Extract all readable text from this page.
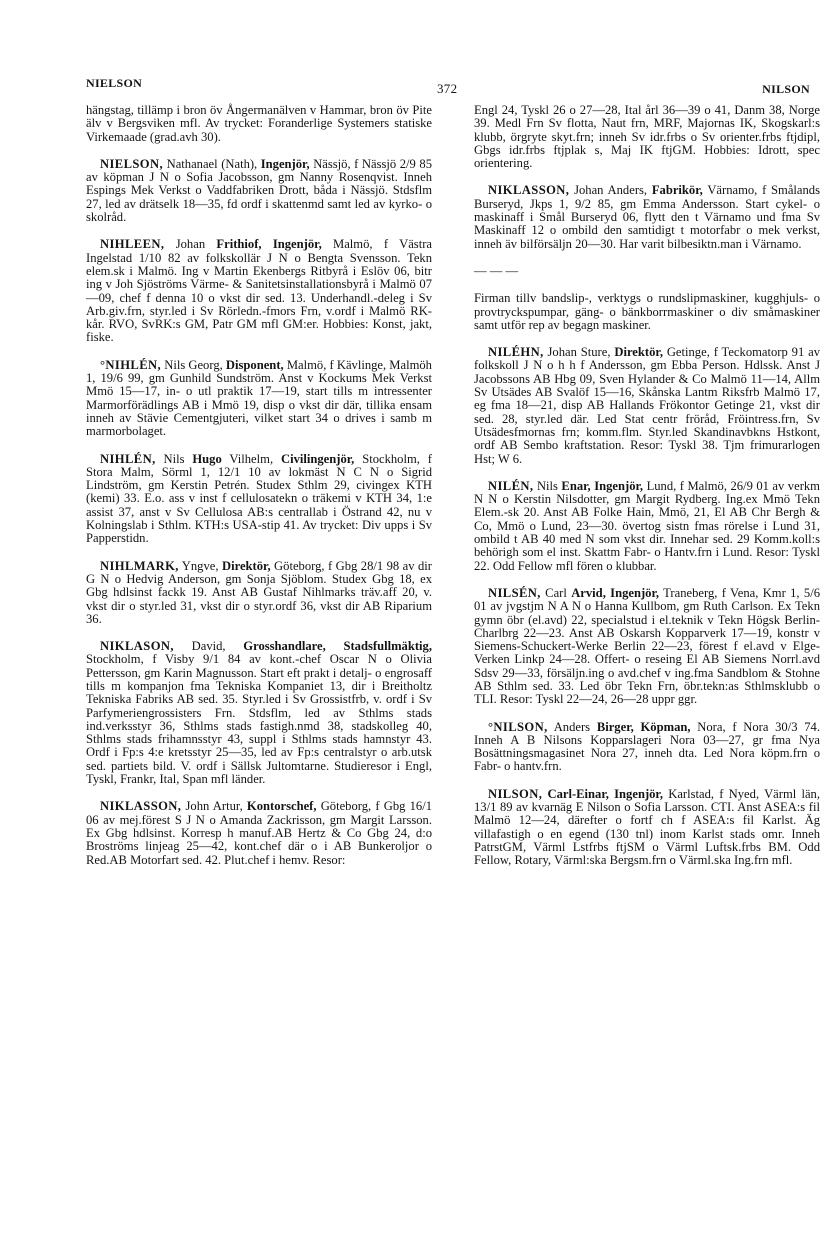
NIELSON	372	NILSON

hängstag, tillämp i bron öv Ångermanälven v Hammar, bron öv Pite älv v Bergsviken mfl. Av trycket: Foranderlige Systemers statiske Virkemaade (grad.avh 30).

NIELSON, Nathanael (Nath), Ingenjör, Nässjö, f Nässjö 2/9 85 av köpman J N o Sofia Jacobsson, gm Nanny Rosenqvist. Inneh Espings Mek Verkst o Vaddfabriken Drott, båda i Nässjö. Stdsflm 27, led av drätselk 18—35, fd ordf i skattenmd samt led av kyrko- o skolråd.

NIHLEEN, Johan Frithiof, Ingenjör, Malmö, f Västra Ingelstad 1/10 82 av folkskollär J N o Bengta Svensson. Tekn elem.sk i Malmö. Ing v Martin Ekenbergs Ritbyrå i Eslöv 06, bitr ing v Joh Sjöströms Värme- & Sanitetsinstallationsbyrå i Malmö 07—09, chef f denna 10 o vkst dir sed. 13. Underhandl.-deleg i Sv Arb.giv.frn, styr.led i Sv Rörledn.-fmors Frn, v.ordf i Malmö RK-kår. RVO, SvRK:s GM, Patr GM mfl GM:er. Hobbies: Konst, jakt, fiske.

°NIHLÉN, Nils Georg, Disponent, Malmö, f Kävlinge, Malmöh 1, 19/6 99, gm Gunhild Sundström. Anst v Kockums Mek Verkst Mmö 15—17, in- o utl praktik 17—19, start tills m intressenter Marmorförädlings AB i Mmö 19, disp o vkst dir där, tillika ensam inneh av Stävie Cementgjuteri, vilket start 34 o drives i samb m marmorbolaget.

NIHLÉN, Nils Hugo Vilhelm, Civilingenjör, Stockholm, f Stora Malm, Sörml 1, 12/1 10 av lokmäst N C N o Sigrid Lindström, gm Kerstin Petrén. Studex Sthlm 29, civingex KTH (kemi) 33. E.o. ass v inst f cellulosatekn o träkemi v KTH 34, 1:e assist 37, anst v Sv Cellulosa AB:s centrallab i Östrand 42, nu v Kolningslab i Sthlm. KTH:s USA-stip 41. Av trycket: Div upps i Sv Papperstidn.

NIHLMARK, Yngve, Direktör, Göteborg, f Gbg 28/1 98 av dir G N o Hedvig Anderson, gm Sonja Sjöblom. Studex Gbg 18, ex Gbg hdlsinst fackk 19. Anst AB Gustaf Nihlmarks träv.aff 20, v. vkst dir o styr.led 31, vkst dir o styr.ordf 36, vkst dir AB Riparium 36.

NIKLASON, David, Grosshandlare, Stadsfullmäktig, Stockholm, f Visby 9/1 84 av kont.-chef Oscar N o Olivia Pettersson, gm Karin Magnusson. Start eft prakt i detalj- o engrosaff tills m kompanjon fma Tekniska Kompaniet 13, dir i Breitholtz Tekniska Fabriks AB sed. 35. Styr.led i Sv Grossistfrb, v. ordf i Sv Parfymeriengrossisters Frn. Stdsflm, led av Sthlms stads ind.verksstyr 36, Sthlms stads fastigh.nmd 38, stadskolleg 40, Sthlms stads frihamnsstyr 43, suppl i Sthlms stads hamnstyr 43. Ordf i Fp:s 4:e kretsstyr 25—35, led av Fp:s centralstyr o arb.utsk sed. partiets bild. V. ordf i Sällsk Jultomtarne. Studieresor i Engl, Tyskl, Frankr, Ital, Span mfl länder.

NIKLASSON, John Artur, Kontorschef, Göteborg, f Gbg 16/1 06 av mej.förest S J N o Amanda Zackrisson, gm Margit Larsson. Ex Gbg hdlsinst. Korresp h manuf.AB Hertz & Co Gbg 24, d:o Broströms linjeag 25—42, kont.chef där o i AB Bunkeroljor o Red.AB Motorfart sed. 42. Plut.chef i hemv. Resor:

Engl 24, Tyskl 26 o 27—28, Ital årl 36—39 o 41, Danm 38, Norge 39. Medl Frn Sv flotta, Naut frn, MRF, Majornas IK, Skogskarl:s klubb, örgryte skyt.frn; inneh Sv idr.frbs o Sv orienter.frbs ftjdipl, Gbgs idr.frbs ftjplak s, Maj IK ftjGM. Hobbies: Idrott, spec orientering.

NIKLASSON, Johan Anders, Fabrikör, Värnamo, f Smålands Burseryd, Jkps 1, 9/2 85, gm Emma Andersson. Start cykel- o maskinaff i Smål Burseryd 06, flytt den t Värnamo und fma Sv Maskinaff 12 o ombild den samtidigt t motorfabr o mek verkst, inneh äv bilförsäljn 20—30. Har varit bilbesiktn.man i Värnamo.

— — —

Firman tillv bandslip-, verktygs o rundslipmaskiner, kugghjuls- o provtryckspumpar, gäng- o bänkborrmaskiner o div småmaskiner samt utför rep av begagn maskiner.

NILÉHN, Johan Sture, Direktör, Getinge, f Teckomatorp 91 av folkskoll J N o h h f Andersson, gm Ebba Person. Hdlssk. Anst J Jacobssons AB Hbg 09, Sven Hylander & Co Malmö 11—14, Allm Sv Utsädes AB Svalöf 15—16, Skånska Lantm Riksfrb Malmö 17, eg fma 18—21, disp AB Hallands Frökontor Getinge 21, vkst dir sed. 28, styr.led där. Led Stat centr fröråd, Fröintress.frn, Sv Utsädesfmornas frn; komm.flm. Styr.led Skandinavbkns Hstkont, ordf AB Sembo kraftstation. Resor: Tyskl 38. Tjm frimurarlogen Hst; W 6.

NILÉN, Nils Enar, Ingenjör, Lund, f Malmö, 26/9 01 av verkm N N o Kerstin Nilsdotter, gm Margit Rydberg. Ing.ex Mmö Tekn Elem.-sk 20. Anst AB Folke Hain, Mmö, 21, El AB Chr Bergh & Co, Mmö o Lund, 23—30. övertog sistn fmas rörelse i Lund 31, ombild t AB 40 med N som vkst dir. Innehar sed. 29 Komm.koll:s behörigh som el inst. Skattm Fabr- o Hantv.frn i Lund. Resor: Tyskl 22. Odd Fellow mfl fören o klubbar.

NILSÉN, Carl Arvid, Ingenjör, Traneberg, f Vena, Kmr 1, 5/6 01 av jvgstjm N A N o Hanna Kullbom, gm Ruth Carlson. Ex Tekn gymn öbr (el.avd) 22, specialstud i el.teknik v Tekn Högsk Berlin-Charlbrg 22—23. Anst AB Oskarsh Kopparverk 17—19, konstr v Siemens-Schuckert-Werke Berlin 22—23, förest f el.avd v Elge-Verken Linkp 24—28. Offert- o reseing El AB Siemens Norrl.avd Sdsv 29—33, försäljn.ing o avd.chef v ing.fma Sandblom & Stohne AB Sthlm sed. 33. Led öbr Tekn Frn, öbr.tekn:as Sthlmsklubb o TLI. Resor: Tyskl 22—24, 26—28 uppr ggr.

°NILSON, Anders Birger, Köpman, Nora, f Nora 30/3 74. Inneh A B Nilsons Kopparslageri Nora 03—27, gr fma Nya Bosättningsmagasinet Nora 27, inneh dta. Led Nora köpm.frn o Fabr- o hantv.frn.

NILSON, Carl-Einar, Ingenjör, Karlstad, f Nyed, Värml län, 13/1 89 av kvarnäg E Nilson o Sofia Larsson. CTI. Anst ASEA:s fil Malmö 12—24, därefter o fortf ch f ASEA:s fil Karlst. Äg villafastigh o en egend (130 tnl) inom Karlst stads omr. Inneh PatrstGM, Värml Lstfrbs ftjSM o Värml Luftsk.frbs BM. Odd Fellow, Rotary, Värml:ska Bergsm.frn o Värml.ska Ing.frn mfl.
